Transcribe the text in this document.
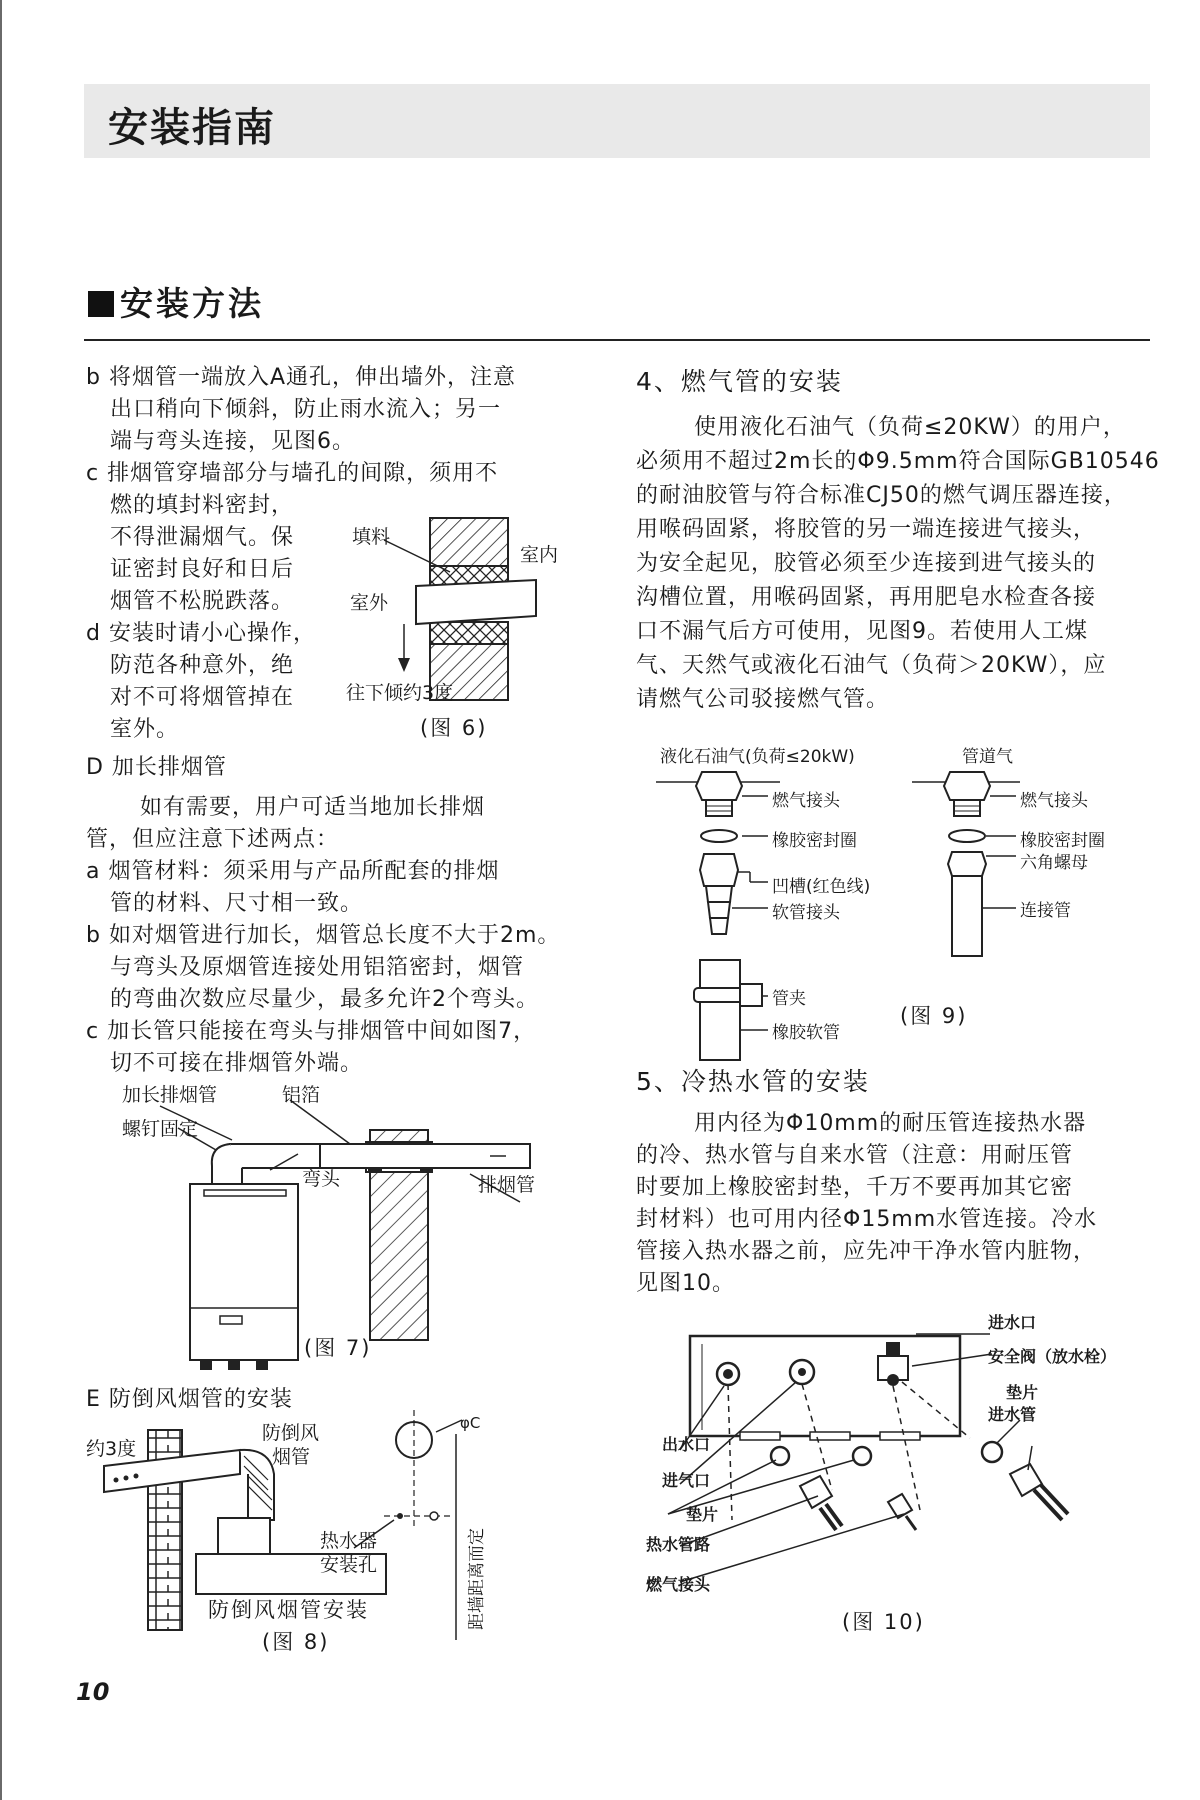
安装指南
安装方法
b 将烟管一端放入A通孔，伸出墙外，注意
出口稍向下倾斜，防止雨水流入；另一
端与弯头连接，见图6。
c 排烟管穿墙部分与墙孔的间隙，须用不
燃的填封料密封，
不得泄漏烟气。保
证密封良好和日后
烟管不松脱跌落。
d 安装时请小心操作，
防范各种意外，绝
对不可将烟管掉在
室外。
D 加长排烟管
如有需要，用户可适当地加长排烟
管，但应注意下述两点：
a 烟管材料：须采用与产品所配套的排烟
管的材料、尺寸相一致。
b 如对烟管进行加长，烟管总长度不大于2m。
与弯头及原烟管连接处用铝箔密封，烟管
的弯曲次数应尽量少，最多允许2个弯头。
c 加长管只能接在弯头与排烟管中间如图7，
切不可接在排烟管外端。
E 防倒风烟管的安装
填料
室内
室外
往下倾约3度
(图 6)
加长排烟管	铝箔
螺钉固定
弯头	排烟管
(图 7)
约3度
防倒风
烟管
φC
热水器
安装孔	距墙距离而定
防倒风烟管安装
(图 8)
4、燃气管的安装
使用液化石油气（负荷≤20KW）的用户，
必须用不超过2m长的Φ9.5mm符合国际GB10546
的耐油胶管与符合标准CJ50的燃气调压器连接，
用喉码固紧，将胶管的另一端连接进气接头，
为安全起见，胶管必须至少连接到进气接头的
沟槽位置，用喉码固紧，再用肥皂水检查各接
口不漏气后方可使用，见图9。若使用人工煤
气、天然气或液化石油气（负荷＞20KW），应
请燃气公司驳接燃气管。
液化石油气(负荷≤20kW)	管道气
燃气接头
橡胶密封圈
凹槽(红色线)
软管接头
燃气接头
橡胶密封圈
六角螺母
连接管
管夹
橡胶软管
(图 9)
5、冷热水管的安装
用内径为Φ10mm的耐压管连接热水器
的冷、热水管与自来水管（注意：用耐压管
时要加上橡胶密封垫，千万不要再加其它密
封材料）也可用内径Φ15mm水管连接。冷水
管接入热水器之前，应先冲干净水管内脏物，
见图10。
进水口
安全阀（放水栓）
垫片
进水管
出水口
进气口
垫片
热水管路
燃气接头
(图 10)
10
